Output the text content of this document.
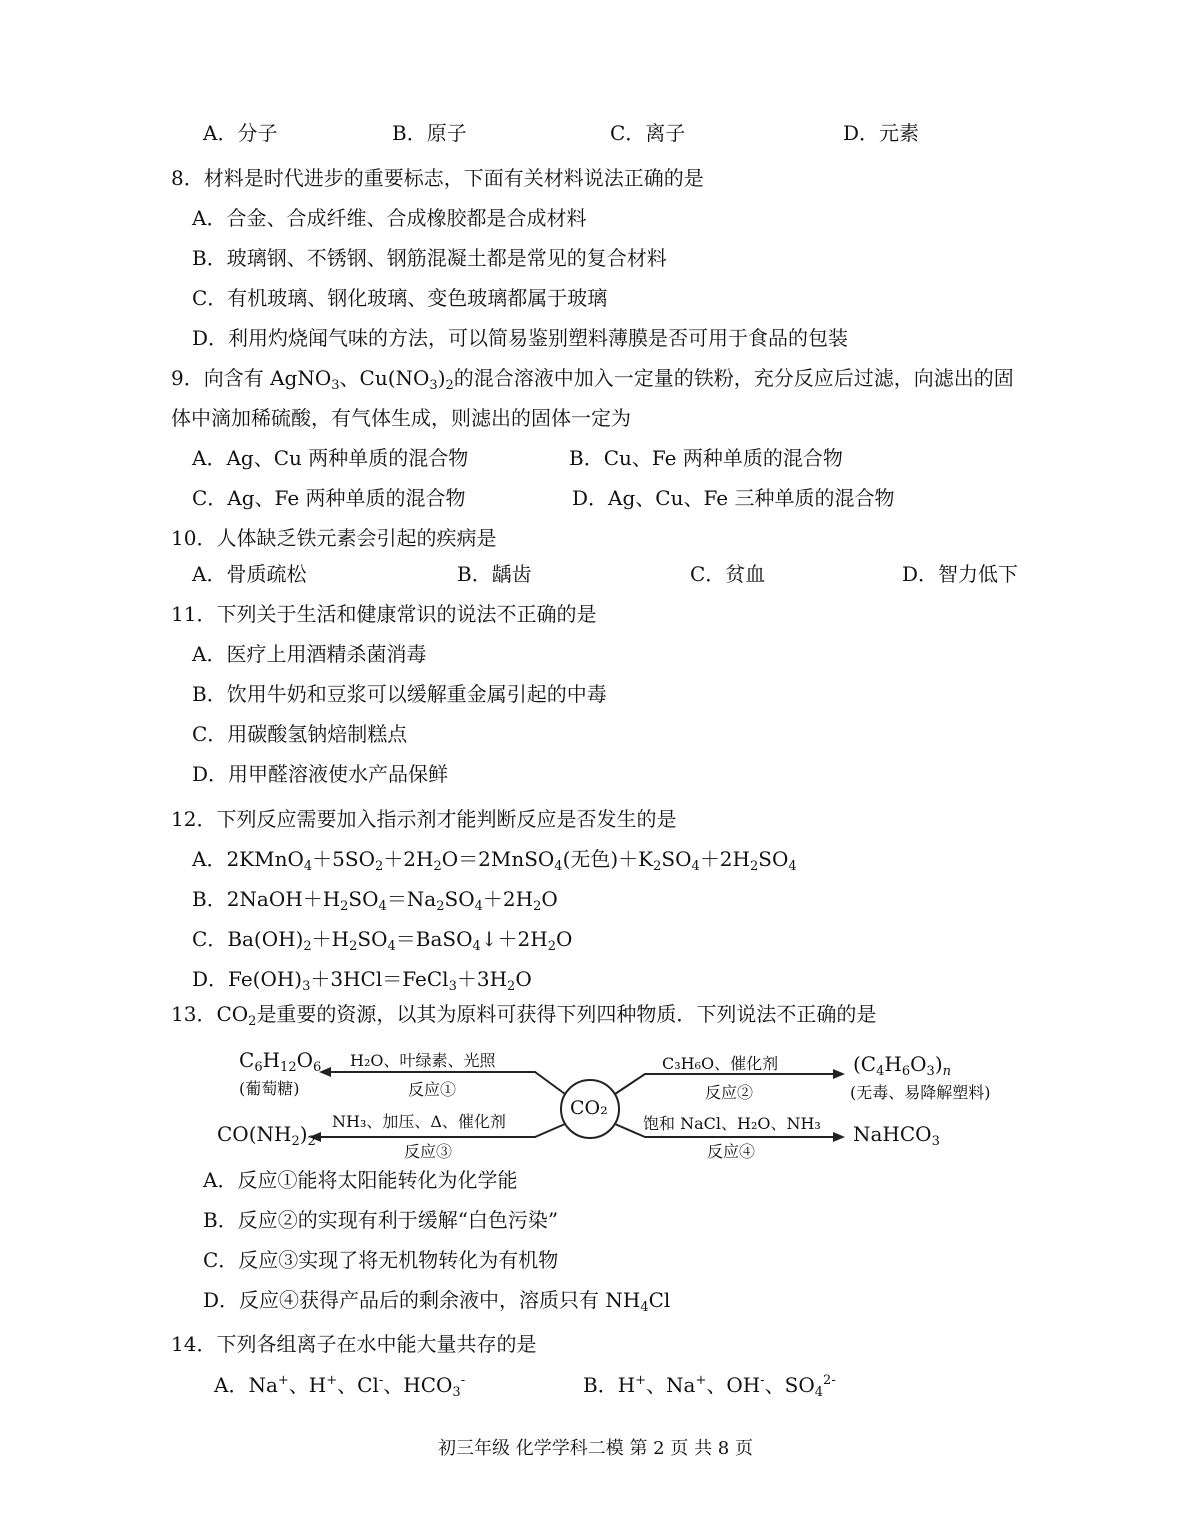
A．分子	B．原子	C．离子	D．元素
8．材料是时代进步的重要标志，下面有关材料说法正确的是
A．合金、合成纤维、合成橡胶都是合成材料
B．玻璃钢、不锈钢、钢筋混凝土都是常见的复合材料
C．有机玻璃、钢化玻璃、变色玻璃都属于玻璃
D．利用灼烧闻气味的方法，可以简易鉴别塑料薄膜是否可用于食品的包装
9．向含有 AgNO$_3$、$Cu(NO_3)_2$的混合溶液中加入一定量的铁粉，充分反应后过滤，向滤出的固
体中滴加稀硫酸，有气体生成，则滤出的固体一定为
A．Ag、Cu 两种单质的混合物	B．Cu、Fe 两种单质的混合物
C．Ag、Fe 两种单质的混合物	D．Ag、Cu、Fe 三种单质的混合物
10．人体缺乏铁元素会引起的疾病是
A．骨质疏松	B．龋齿	C．贫血	D．智力低下
11．下列关于生活和健康常识的说法不正确的是
A．医疗上用酒精杀菌消毒
B．饮用牛奶和豆浆可以缓解重金属引起的中毒
C．用碳酸氢钠焙制糕点
D．用甲醛溶液使水产品保鲜
12．下列反应需要加入指示剂才能判断反应是否发生的是
A．$2KMnO_4+5SO_2+2H_2O=2MnSO_4$(无色)$+K_2SO_4+2H_2SO_4$
B．$2NaOH+H_2SO_4=Na_2SO_4+2H_2O$
C．$Ba(OH)_2+H_2SO_4=BaSO_4↓+2H_2O$
D．$Fe(OH)_3+3HCl=FeCl_3+3H_2O$
13．$CO_2$是重要的资源，以其为原料可获得下列四种物质．下列说法不正确的是
$C_6H_{12}O_6$
(葡萄糖)
H₂O、叶绿素、光照
反应①
CO₂
C₃H₆O、催化剂
反应②
$(C_4H_6O_3)_n$
(无毒、易降解塑料)
NH₃、加压、Δ、催化剂
反应③
$CO(NH_2)_2$
饱和 NaCl、H₂O、NH₃
反应④
NaHCO$_3$
A．反应①能将太阳能转化为化学能
B．反应②的实现有利于缓解“白色污染”
C．反应③实现了将无机物转化为有机物
D．反应④获得产品后的剩余液中，溶质只有 $NH_4Cl$
14．下列各组离子在水中能大量共存的是
A．Na+、H+、Cl-、$HCO_3^-$	B．H+、Na+、OH-、$SO_4^{2-}$
初三年级 化学学科二模 第 2 页 共 8 页
